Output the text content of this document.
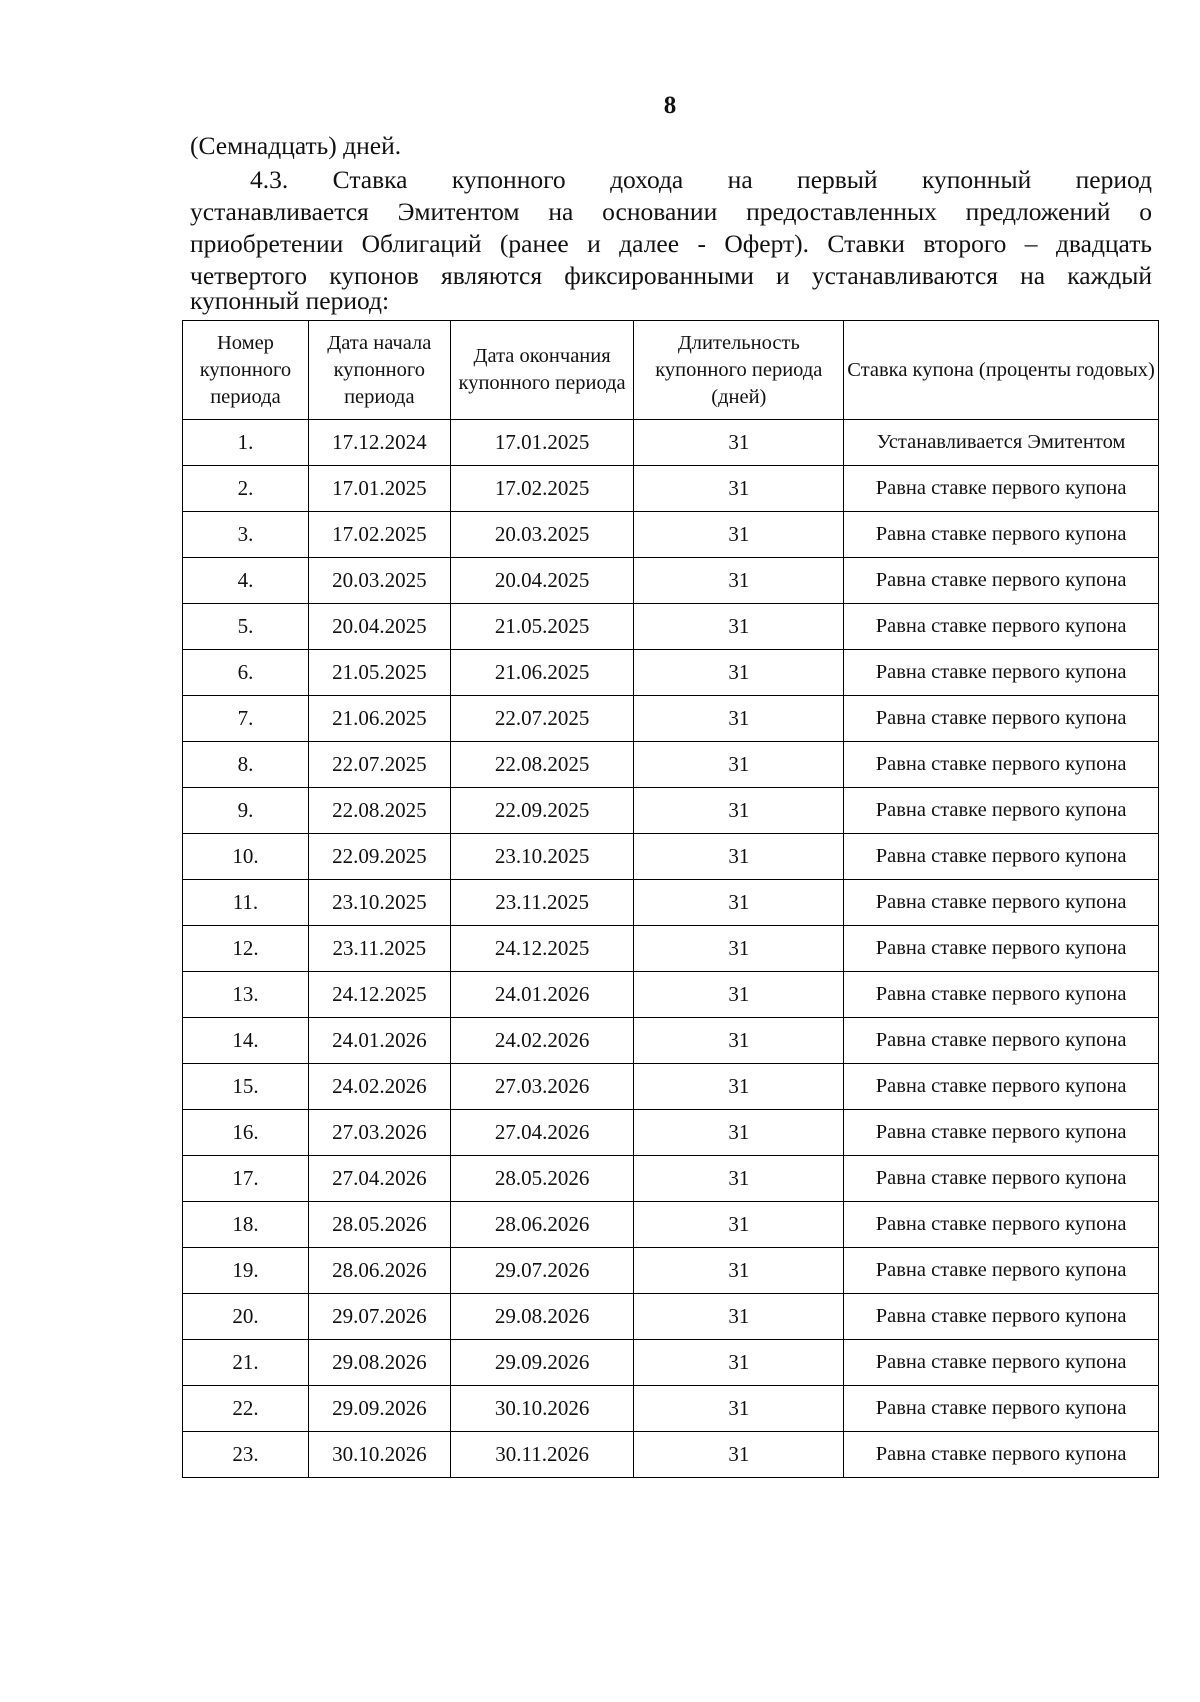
8
(Семнадцать) дней.
4.3. Ставка купонного дохода на первый купонный период
устанавливается Эмитентом на основании предоставленных предложений о
приобретении Облигаций (ранее и далее - Оферт). Ставки второго – двадцать
четвертого купонов являются фиксированными и устанавливаются на каждый
купонный период:
Номер купонного периода	Дата начала купонного периода	Дата окончания купонного периода	Длительность купонного периода (дней)	Ставка купона (проценты годовых)
1.	17.12.2024	17.01.2025	31	Устанавливается Эмитентом
2.	17.01.2025	17.02.2025	31	Равна ставке первого купона
3.	17.02.2025	20.03.2025	31	Равна ставке первого купона
4.	20.03.2025	20.04.2025	31	Равна ставке первого купона
5.	20.04.2025	21.05.2025	31	Равна ставке первого купона
6.	21.05.2025	21.06.2025	31	Равна ставке первого купона
7.	21.06.2025	22.07.2025	31	Равна ставке первого купона
8.	22.07.2025	22.08.2025	31	Равна ставке первого купона
9.	22.08.2025	22.09.2025	31	Равна ставке первого купона
10.	22.09.2025	23.10.2025	31	Равна ставке первого купона
11.	23.10.2025	23.11.2025	31	Равна ставке первого купона
12.	23.11.2025	24.12.2025	31	Равна ставке первого купона
13.	24.12.2025	24.01.2026	31	Равна ставке первого купона
14.	24.01.2026	24.02.2026	31	Равна ставке первого купона
15.	24.02.2026	27.03.2026	31	Равна ставке первого купона
16.	27.03.2026	27.04.2026	31	Равна ставке первого купона
17.	27.04.2026	28.05.2026	31	Равна ставке первого купона
18.	28.05.2026	28.06.2026	31	Равна ставке первого купона
19.	28.06.2026	29.07.2026	31	Равна ставке первого купона
20.	29.07.2026	29.08.2026	31	Равна ставке первого купона
21.	29.08.2026	29.09.2026	31	Равна ставке первого купона
22.	29.09.2026	30.10.2026	31	Равна ставке первого купона
23.	30.10.2026	30.11.2026	31	Равна ставке первого купона
